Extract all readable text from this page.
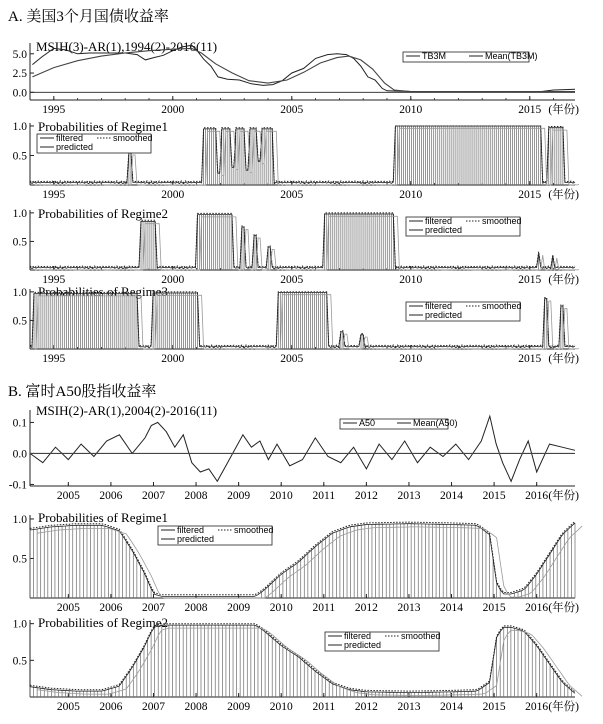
A. 美国3个月国债收益率
B. 富时A50股指收益率
1995	2000	2005	2010	2015 (年份)
0.0
2.5
5.0
MSIH(3)-AR(1),1994(2)-2016(11)
TB3M	Mean(TB3M)
1995	2000	2005	2010	2015 (年份)
0.5
1.0 Probabilities of Regime1
filtered	smoothed
predicted
1995	2000	2005	2010	2015 (年份)
0.5
1.0 Probabilities of Regime2	filtered	smoothed
predicted
1995	2000	2005	2010	2015 (年份)
0.5
1.0 Probabilities of Regime3
filtered	smoothed
predicted
2005 2006 2007 2008 2009 2010 2011 2012 2013 2014 2015 2016 (年份)
-0.1
0.0
0.1
MSIH(2)-AR(1),2004(2)-2016(11)
A50	Mean(A50)
2005 2006 2007 2008 2009 2010 2011 2012 2013 2014 2015 2016 (年份)
0.5
1.0 Probabilities of Regime1
filtered	smoothed
predicted
2005 2006 2007 2008 2009 2010 2011 2012 2013 2014 2015 2016 (年份)
0.5
1.0 Probabilities of Regime2
filtered	smoothed
predicted
